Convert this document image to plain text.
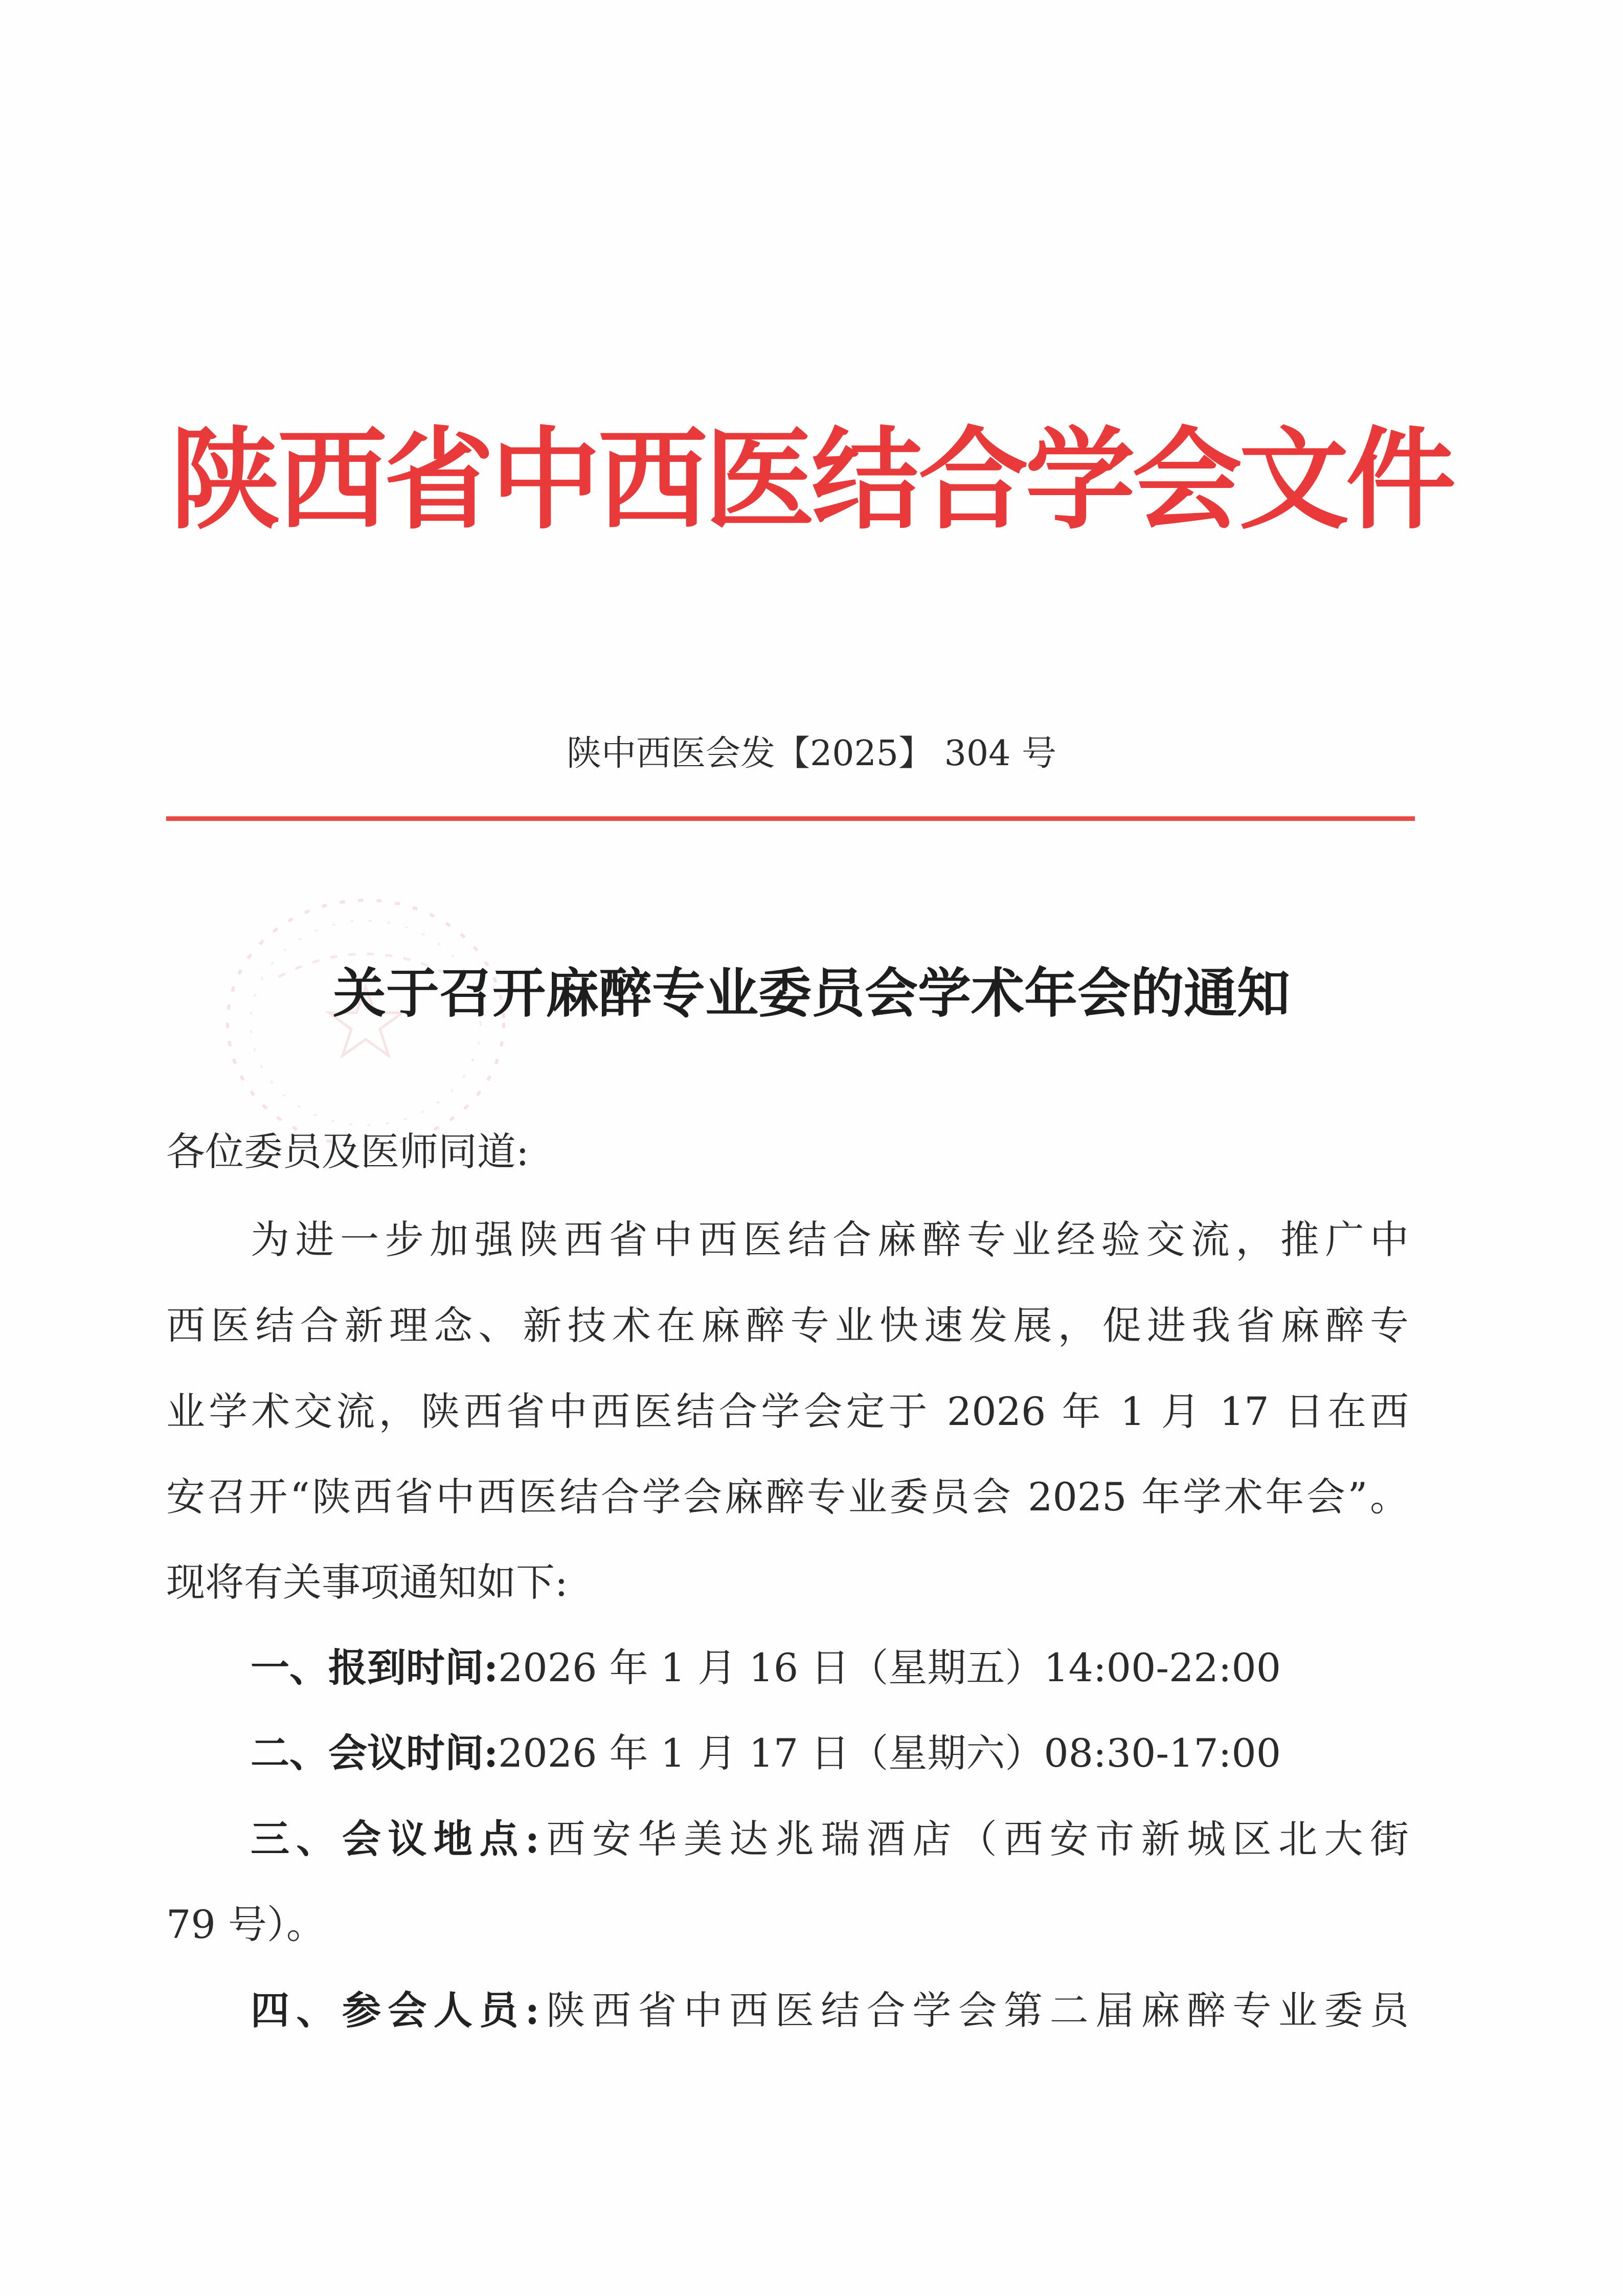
陕西省中西医结合学会文件
陕中西医会发【2025】 304 号
关于召开麻醉专业委员会学术年会的通知
各位委员及医师同道:
为进一步加强陕西省中西医结合麻醉专业经验交流，推广中
西医结合新理念、新技术在麻醉专业快速发展，促进我省麻醉专
业学术交流，陕西省中西医结合学会定于 2026 年 1 月 17 日在西
安召开“陕西省中西医结合学会麻醉专业委员会 2025 年学术年会”。
现将有关事项通知如下:
一、报到时间:2026 年 1 月 16 日（星期五）14:00-22:00
二、会议时间:2026 年 1 月 17 日（星期六）08:30-17:00
三、会议地点:西安华美达兆瑞酒店（西安市新城区北大街
79 号）。
四、参会人员:陕西省中西医结合学会第二届麻醉专业委员
